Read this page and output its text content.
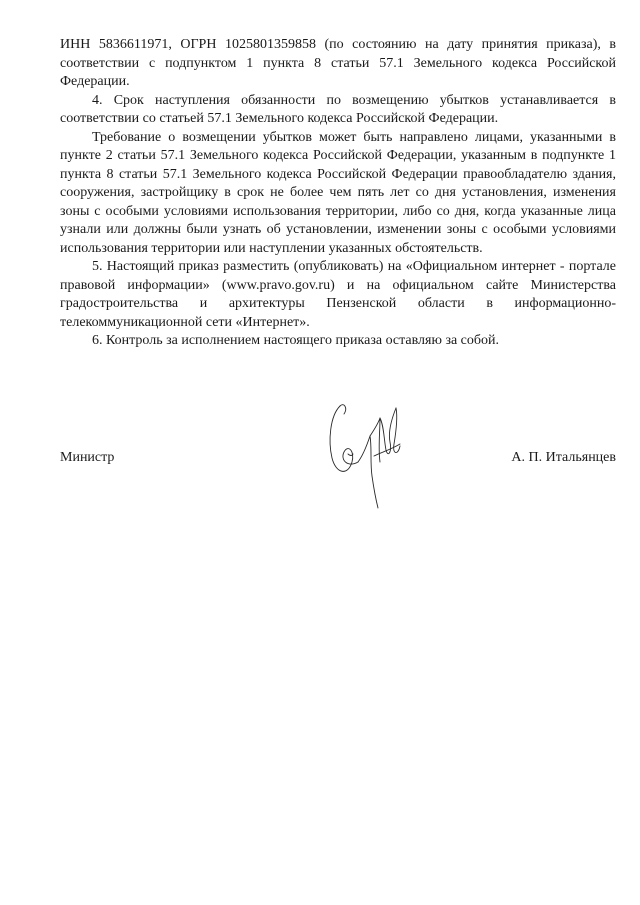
ИНН 5836611971, ОГРН 1025801359858 (по состоянию на дату принятия приказа), в соответствии с подпунктом 1 пункта 8 статьи 57.1 Земельного кодекса Российской Федерации.

4. Срок наступления обязанности по возмещению убытков устанавливается в соответствии со статьей 57.1 Земельного кодекса Российской Федерации.

Требование о возмещении убытков может быть направлено лицами, указанными в пункте 2 статьи 57.1 Земельного кодекса Российской Федерации, указанным в подпункте 1 пункта 8 статьи 57.1 Земельного кодекса Российской Федерации правообладателю здания, сооружения, застройщику в срок не более чем пять лет со дня установления, изменения зоны с особыми условиями использования территории, либо со дня, когда указанные лица узнали или должны были узнать об установлении, изменении зоны с особыми условиями использования территории или наступлении указанных обстоятельств.

5. Настоящий приказ разместить (опубликовать) на «Официальном интернет - портале правовой информации» (www.pravo.gov.ru) и на официальном сайте Министерства градостроительства и архитектуры Пензенской области в информационно-телекоммуникационной сети «Интернет».

6. Контроль за исполнением настоящего приказа оставляю за собой.

Министр	А. П. Итальянцев
